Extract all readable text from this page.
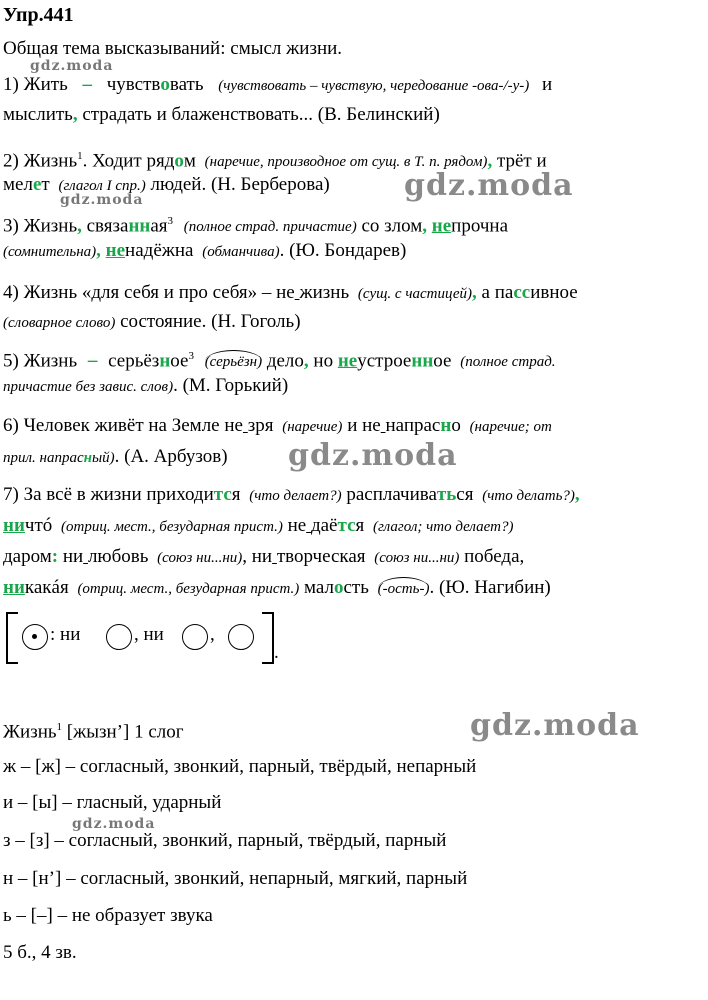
Упр.441
Общая тема высказываний: смысл жизни.
1) Жить – чувствовать (чувствовать – чувствую, чередование -ова-/-у-) и
мыслить, страдать и блаженствовать... (В. Белинский)
2) Жизнь$^1$. Ходит рядом (наречие, производное от сущ. в Т. п. рядом), трёт и
мелет (глагол I спр.) людей. (Н. Берберова)
3) Жизнь, связанная$^3$ (полное страд. причастие) со злом, непрочна
(сомнительна), ненадёжна (обманчива). (Ю. Бондарев)
4) Жизнь «для себя и про себя» – не жизнь (сущ. с частицей), а пассивное
(словарное слово) состояние. (Н. Гоголь)
5) Жизнь – серьёзное$^3$ (серьёзн) дело, но неустроенное (полное страд.
причастие без завис. слов). (М. Горький)
6) Человек живёт на Земле не зря (наречие) и не напрасно (наречие; от
прил. напрасный). (А. Арбузов)
7) За всё в жизни приходится (что делает?) расплачиваться (что делать?),
ничтó (отриц. мест., безударная прист.) не даётся (глагол; что делает?)
даром: ни любовь (союз ни...ни), ни творческая (союз ни...ни) победа,
никакáя (отриц. мест., безударная прист.) малость (-ость-). (Ю. Нагибин)
: ни	, ни ,
.
Жизнь$^1$ [жызн’] 1 слог
ж – [ж] – согласный, звонкий, парный, твёрдый, непарный
и – [ы] – гласный, ударный
з – [з] – согласный, звонкий, парный, твёрдый, парный
н – [н’] – согласный, звонкий, непарный, мягкий, парный
ь – [–] – не образует звука
5 б., 4 зв.
gdz.moda
gdz.moda
gdz.moda
gdz.moda
gdz.moda
gdz.moda
